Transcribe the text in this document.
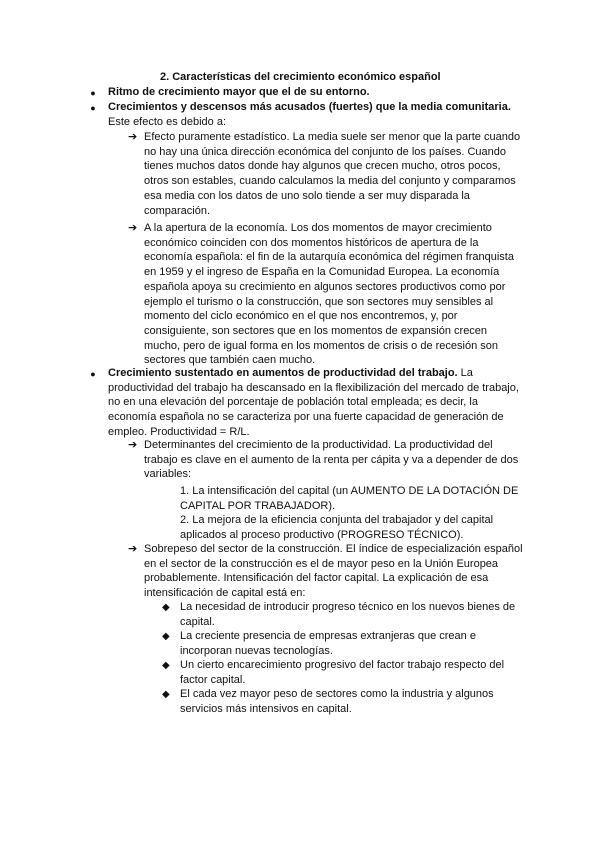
2. Características del crecimiento económico español
● Ritmo de crecimiento mayor que el de su entorno.
● Crecimientos y descensos más acusados (fuertes) que la media comunitaria.
Este efecto es debido a:
➔ Efecto puramente estadístico. La media suele ser menor que la parte cuando no hay una única dirección económica del conjunto de los países. Cuando tienes muchos datos donde hay algunos que crecen mucho, otros pocos, otros son estables, cuando calculamos la media del conjunto y comparamos esa media con los datos de uno solo tiende a ser muy disparada la comparación.
➔ A la apertura de la economía. Los dos momentos de mayor crecimiento económico coinciden con dos momentos históricos de apertura de la economía española: el fin de la autarquía económica del régimen franquista en 1959 y el ingreso de España en la Comunidad Europea. La economía española apoya su crecimiento en algunos sectores productivos como por ejemplo el turismo o la construcción, que son sectores muy sensibles al momento del ciclo económico en el que nos encontremos, y, por consiguiente, son sectores que en los momentos de expansión crecen mucho, pero de igual forma en los momentos de crisis o de recesión son sectores que también caen mucho.
● Crecimiento sustentado en aumentos de productividad del trabajo. La productividad del trabajo ha descansado en la flexibilización del mercado de trabajo, no en una elevación del porcentaje de población total empleada; es decir, la economía española no se caracteriza por una fuerte capacidad de generación de empleo. Productividad = R/L.
➔ Determinantes del crecimiento de la productividad. La productividad del trabajo es clave en el aumento de la renta per cápita y va a depender de dos variables:
1. La intensificación del capital (un AUMENTO DE LA DOTACIÓN DE CAPITAL POR TRABAJADOR).
2. La mejora de la eficiencia conjunta del trabajador y del capital aplicados al proceso productivo (PROGRESO TÉCNICO).
➔ Sobrepeso del sector de la construcción. El índice de especialización español en el sector de la construcción es el de mayor peso en la Unión Europea probablemente. Intensificación del factor capital. La explicación de esa intensificación de capital está en:
◆ La necesidad de introducir progreso técnico en los nuevos bienes de capital.
◆ La creciente presencia de empresas extranjeras que crean e incorporan nuevas tecnologías.
◆ Un cierto encarecimiento progresivo del factor trabajo respecto del factor capital.
◆ El cada vez mayor peso de sectores como la industria y algunos servicios más intensivos en capital.
